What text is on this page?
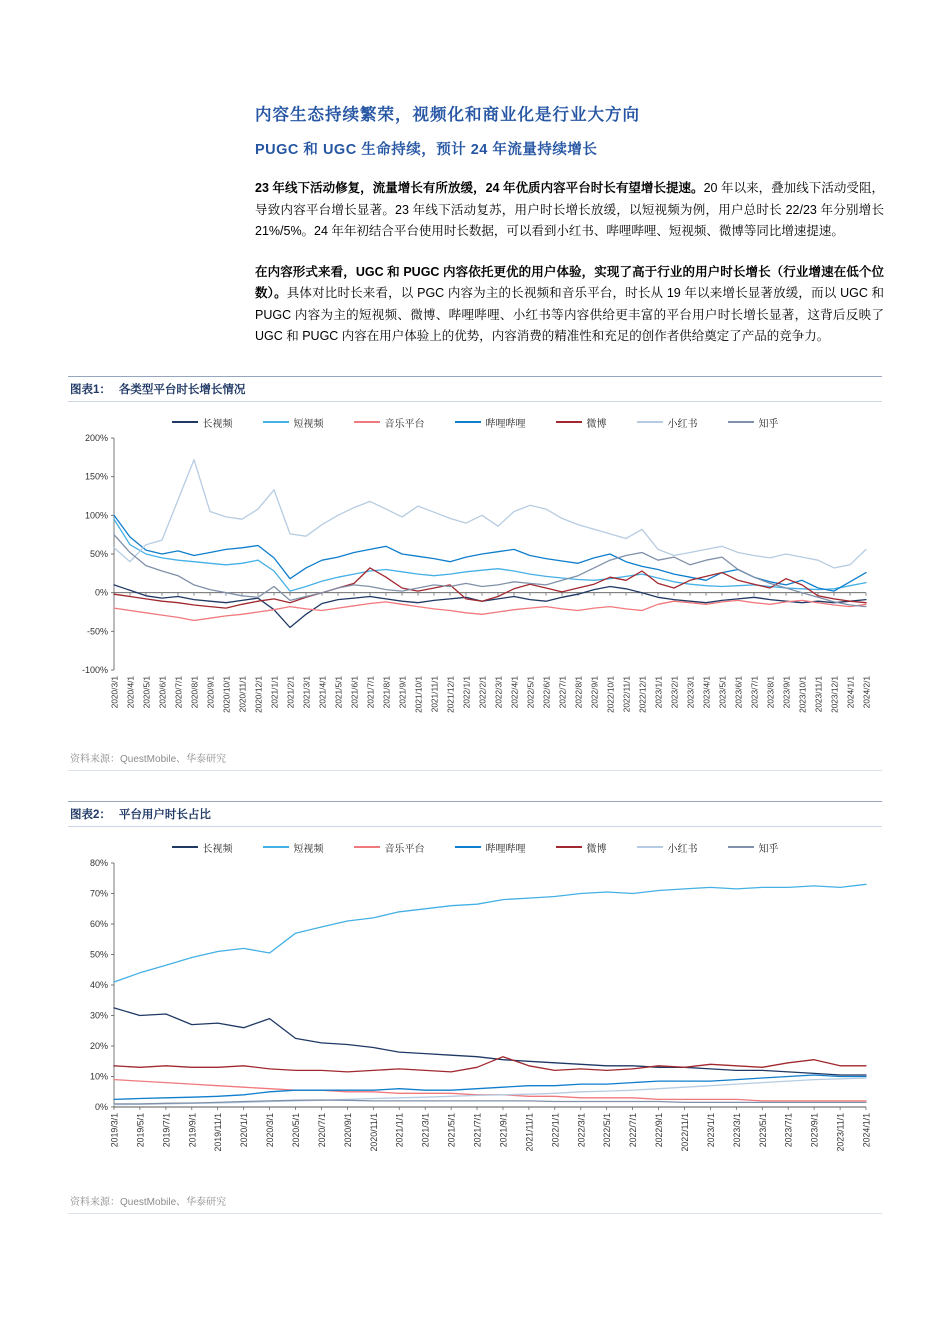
内容生态持续繁荣，视频化和商业化是行业大方向
PUGC 和 UGC 生命持续，预计 24 年流量持续增长

23 年线下活动修复，流量增长有所放缓，24 年优质内容平台时长有望增长提速。20 年以来，叠加线下活动受阻，导致内容平台增长显著。23 年线下活动复苏，用户时长增长放缓，以短视频为例，用户总时长 22/23 年分别增长 21%/5%。24 年年初结合平台使用时长数据，可以看到小红书、哔哩哔哩、短视频、微博等同比增速提速。

在内容形式来看，UGC 和 PUGC 内容依托更优的用户体验，实现了高于行业的用户时长增长（行业增速在低个位数）。具体对比时长来看，以 PGC 内容为主的长视频和音乐平台，时长从 19 年以来增长显著放缓，而以 UGC 和 PUGC 内容为主的短视频、微博、哔哩哔哩、小红书等内容供给更丰富的平台用户时长增长显著，这背后反映了 UGC 和 PUGC 内容在用户体验上的优势，内容消费的精准性和充足的创作者供给奠定了产品的竞争力。

图表1： 各类型平台时长增长情况
长视频	短视频	音乐平台	哔哩哔哩	微博	小红书	知乎
-100%
-50%
0%
50%
100%
150%
200%
2020/3/1 2020/4/1 2020/5/1 2020/6/1 2020/7/1 2020/8/1 2020/9/1 2020/10/1 2020/11/1 2020/12/1 2021/1/1 2021/2/1 2021/3/1 2021/4/1 2021/5/1 2021/6/1 2021/7/1 2021/8/1 2021/9/1 2021/10/1 2021/11/1 2021/12/1 2022/1/1 2022/2/1 2022/3/1 2022/4/1 2022/5/1 2022/6/1 2022/7/1 2022/8/1 2022/9/1 2022/10/1 2022/11/1 2022/12/1 2023/1/1 2023/2/1 2023/3/1 2023/4/1 2023/5/1 2023/6/1 2023/7/1 2023/8/1 2023/9/1 2023/10/1 2023/11/1 2023/12/1 2024/1/1 2024/2/1
资料来源：QuestMobile、华泰研究
图表2： 平台用户时长占比
长视频	短视频	音乐平台	哔哩哔哩	微博	小红书	知乎
0%
10%
20%
30%
40%
50%
60%
70%
80%
2019/3/1 2019/5/1 2019/7/1 2019/9/1 2019/11/1 2020/1/1 2020/3/1 2020/5/1 2020/7/1 2020/9/1 2020/11/1 2021/1/1 2021/3/1 2021/5/1 2021/7/1 2021/9/1 2021/11/1 2022/1/1 2022/3/1 2022/5/1 2022/7/1 2022/9/1 2022/11/1 2023/1/1 2023/3/1 2023/5/1 2023/7/1 2023/9/1 2023/11/1 2024/1/1
资料来源：QuestMobile、华泰研究
